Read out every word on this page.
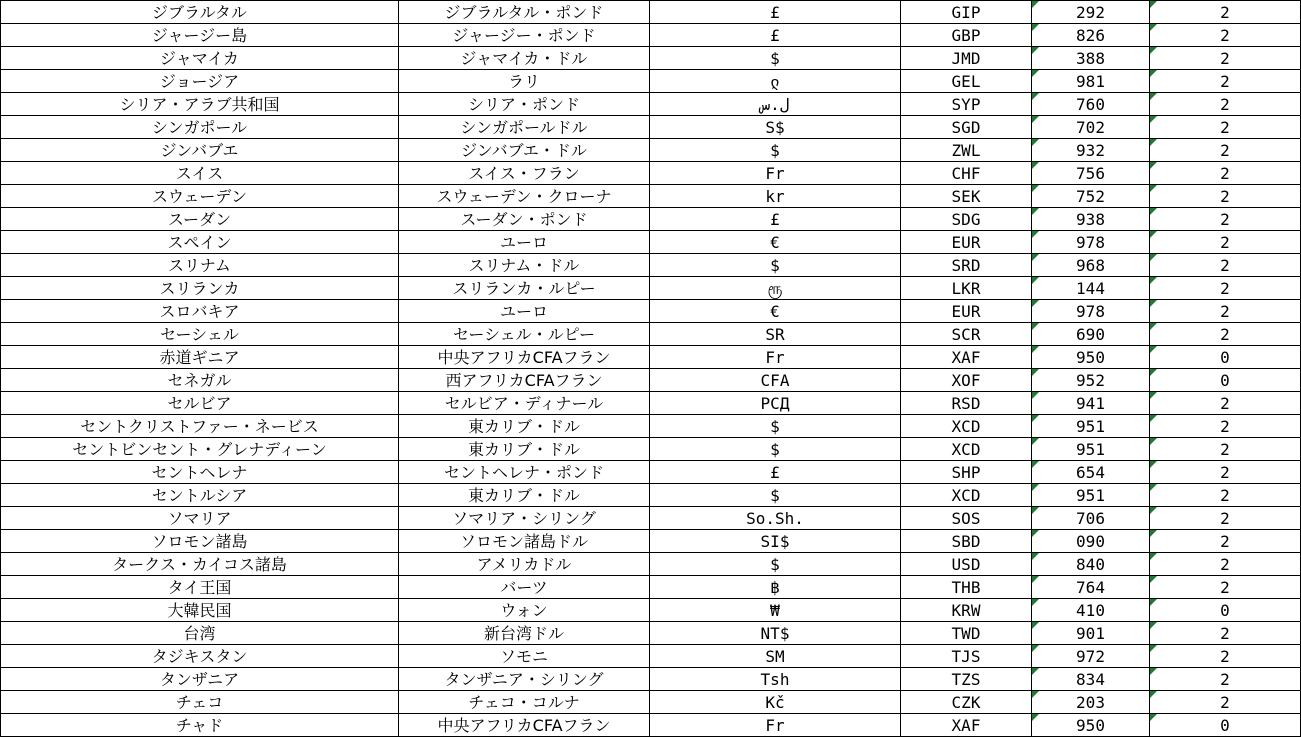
ジブラルタル	ジブラルタル・ポンド	£	GIP	292	2
ジャージー島	ジャージー・ポンド	£	GBP	826	2
ジャマイカ	ジャマイカ・ドル	$	JMD	388	2
ジョージア	ラリ	ლ	GEL	981	2
シリア・アラブ共和国	シリア・ポンド	ل.س	SYP	760	2
シンガポール	シンガポールドル	S$	SGD	702	2
ジンバブエ	ジンバブエ・ドル	$	ZWL	932	2
スイス	スイス・フラン	Fr	CHF	756	2
スウェーデン	スウェーデン・クローナ	kr	SEK	752	2
スーダン	スーダン・ポンド	£	SDG	938	2
スペイン	ユーロ	€	EUR	978	2
スリナム	スリナム・ドル	$	SRD	968	2
スリランカ	スリランカ・ルピー	ரூ	LKR	144	2
スロバキア	ユーロ	€	EUR	978	2
セーシェル	セーシェル・ルピー	SR	SCR	690	2
赤道ギニア	中央アフリカCFAフラン	Fr	XAF	950	0
セネガル	西アフリカCFAフラン	CFA	XOF	952	0
セルビア	セルビア・ディナール	РСД	RSD	941	2
セントクリストファー・ネービス	東カリブ・ドル	$	XCD	951	2
セントビンセント・グレナディーン	東カリブ・ドル	$	XCD	951	2
セントヘレナ	セントヘレナ・ポンド	£	SHP	654	2
セントルシア	東カリブ・ドル	$	XCD	951	2
ソマリア	ソマリア・シリング	So.Sh.	SOS	706	2
ソロモン諸島	ソロモン諸島ドル	SI$	SBD	090	2
タークス・カイコス諸島	アメリカドル	$	USD	840	2
タイ王国	バーツ	฿	THB	764	2
大韓民国	ウォン	₩	KRW	410	0
台湾	新台湾ドル	NT$	TWD	901	2
タジキスタン	ソモニ	SM	TJS	972	2
タンザニア	タンザニア・シリング	Tsh	TZS	834	2
チェコ	チェコ・コルナ	Kč	CZK	203	2
チャド	中央アフリカCFAフラン	Fr	XAF	950	0
